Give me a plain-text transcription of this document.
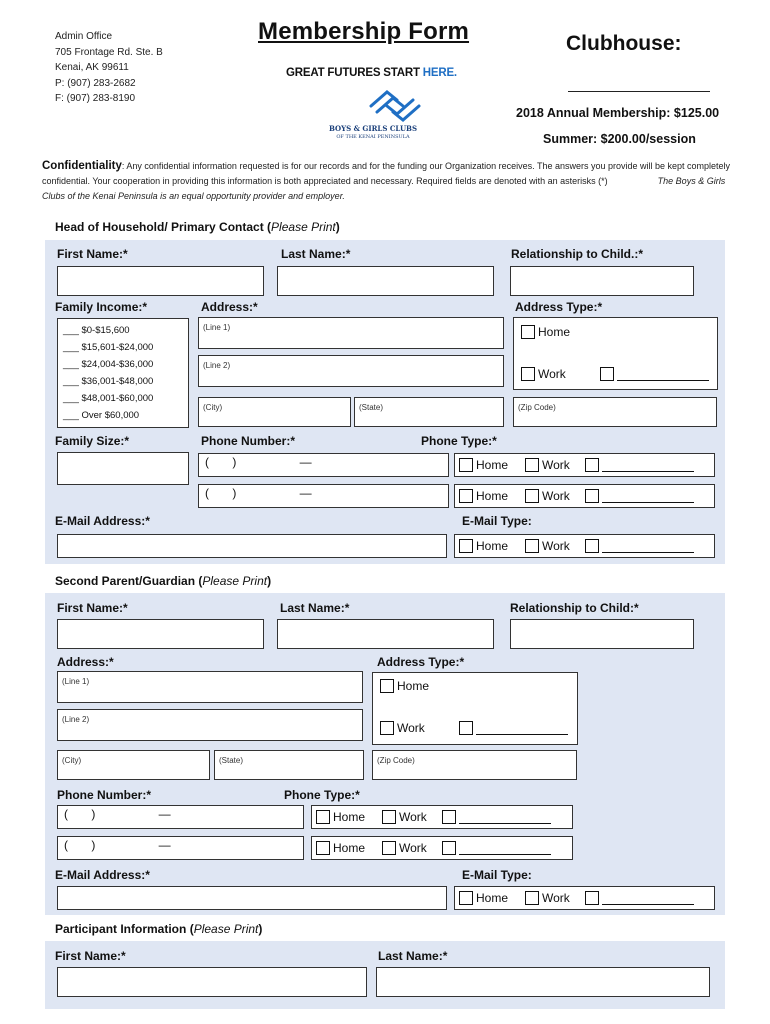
Admin Office
705 Frontage Rd. Ste. B
Kenai, AK 99611
P: (907) 283-2682
F: (907) 283-8190
Membership Form
GREAT FUTURES START HERE.
BOYS & GIRLS CLUBS
OF THE KENAI PENINSULA
Clubhouse:
2018 Annual Membership: $125.00
Summer: $200.00/session
Confidentiality: Any confidential information requested is for our records and for the funding our Organization receives. The answers you provide will be kept completely confidential. Your cooperation in providing this information is both appreciated and necessary. Required fields are denoted with an asterisks (*)	The Boys & Girls Clubs of the Kenai Peninsula is an equal opportunity provider and employer.
Head of Household/ Primary Contact (Please Print)
First Name:*	Last Name:*	Relationship to Child.:*
Family Income:*	Address:*	Address Type:*
___ $0-$15,600
___ $15,601-$24,000
___ $24,004-$36,000
___ $36,001-$48,000
___ $48,001-$60,000
___ Over $60,000
(Line 1)
(Line 2)
(City)	(State)	(Zip Code)
Home
Work
Family Size:*	Phone Number:*	Phone Type:*
(       )                   —
(       )                   —
Home	Work
Home	Work
E-Mail Address:*	E-Mail Type:
Home	Work
Second Parent/Guardian (Please Print)
First Name:*	Last Name:*	Relationship to Child:*
Address:*	Address Type:*
(Line 1)
(Line 2)
(City)	(State)	(Zip Code)
Home
Work
Phone Number:*	Phone Type:*
(       )                   —
(       )                   —
Home	Work
Home	Work
E-Mail Address:*	E-Mail Type:
Home	Work
Participant Information (Please Print)
First Name:*	Last Name:*
